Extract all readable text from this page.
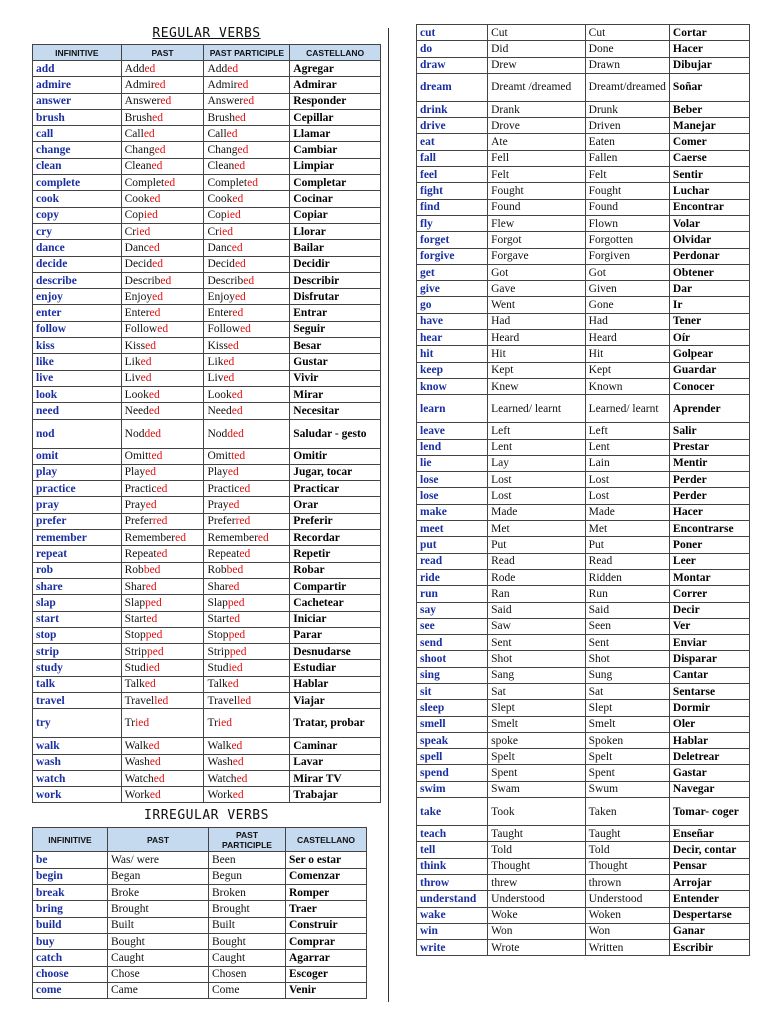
REGULAR VERBS
INFINITIVE	PAST	PAST PARTICIPLE	CASTELLANO
add	Added	Added	Agregar
admire	Admired	Admired	Admirar
answer	Answered	Answered	Responder
brush	Brushed	Brushed	Cepillar
call	Called	Called	Llamar
change	Changed	Changed	Cambiar
clean	Cleaned	Cleaned	Limpiar
complete	Completed	Completed	Completar
cook	Cooked	Cooked	Cocinar
copy	Copied	Copied	Copiar
cry	Cried	Cried	Llorar
dance	Danced	Danced	Bailar
decide	Decided	Decided	Decidir
describe	Described	Described	Describir
enjoy	Enjoyed	Enjoyed	Disfrutar
enter	Entered	Entered	Entrar
follow	Followed	Followed	Seguir
kiss	Kissed	Kissed	Besar
like	Liked	Liked	Gustar
live	Lived	Lived	Vivir
look	Looked	Looked	Mirar
need	Needed	Needed	Necesitar
nod	Nodded	Nodded	Saludar - gesto
omit	Omitted	Omitted	Omitir
play	Played	Played	Jugar, tocar
practice	Practiced	Practiced	Practicar
pray	Prayed	Prayed	Orar
prefer	Preferred	Preferred	Preferir
remember	Remembered	Remembered	Recordar
repeat	Repeated	Repeated	Repetir
rob	Robbed	Robbed	Robar
share	Shared	Shared	Compartir
slap	Slapped	Slapped	Cachetear
start	Started	Started	Iniciar
stop	Stopped	Stopped	Parar
strip	Stripped	Stripped	Desnudarse
study	Studied	Studied	Estudiar
talk	Talked	Talked	Hablar
travel	Travelled	Travelled	Viajar
try	Tried	Tried	Tratar, probar
walk	Walked	Walked	Caminar
wash	Washed	Washed	Lavar
watch	Watched	Watched	Mirar TV
work	Worked	Worked	Trabajar
IRREGULAR VERBS
INFINITIVE	PAST	PAST PARTICIPLE	CASTELLANO
be	Was/ were	Been	Ser o estar
begin	Began	Begun	Comenzar
break	Broke	Broken	Romper
bring	Brought	Brought	Traer
build	Built	Built	Construir
buy	Bought	Bought	Comprar
catch	Caught	Caught	Agarrar
choose	Chose	Chosen	Escoger
come	Came	Come	Venir
cut	Cut	Cut	Cortar
do	Did	Done	Hacer
draw	Drew	Drawn	Dibujar
dream	Dreamt /dreamed	Dreamt/dreamed	Soñar
drink	Drank	Drunk	Beber
drive	Drove	Driven	Manejar
eat	Ate	Eaten	Comer
fall	Fell	Fallen	Caerse
feel	Felt	Felt	Sentir
fight	Fought	Fought	Luchar
find	Found	Found	Encontrar
fly	Flew	Flown	Volar
forget	Forgot	Forgotten	Olvidar
forgive	Forgave	Forgiven	Perdonar
get	Got	Got	Obtener
give	Gave	Given	Dar
go	Went	Gone	Ir
have	Had	Had	Tener
hear	Heard	Heard	Oír
hit	Hit	Hit	Golpear
keep	Kept	Kept	Guardar
know	Knew	Known	Conocer
learn	Learned/ learnt	Learned/ learnt	Aprender
leave	Left	Left	Salir
lend	Lent	Lent	Prestar
lie	Lay	Lain	Mentir
lose	Lost	Lost	Perder
lose	Lost	Lost	Perder
make	Made	Made	Hacer
meet	Met	Met	Encontrarse
put	Put	Put	Poner
read	Read	Read	Leer
ride	Rode	Ridden	Montar
run	Ran	Run	Correr
say	Said	Said	Decir
see	Saw	Seen	Ver
send	Sent	Sent	Enviar
shoot	Shot	Shot	Disparar
sing	Sang	Sung	Cantar
sit	Sat	Sat	Sentarse
sleep	Slept	Slept	Dormir
smell	Smelt	Smelt	Oler
speak	spoke	Spoken	Hablar
spell	Spelt	Spelt	Deletrear
spend	Spent	Spent	Gastar
swim	Swam	Swum	Navegar
take	Took	Taken	Tomar- coger
teach	Taught	Taught	Enseñar
tell	Told	Told	Decir, contar
think	Thought	Thought	Pensar
throw	threw	thrown	Arrojar
understand	Understood	Understood	Entender
wake	Woke	Woken	Despertarse
win	Won	Won	Ganar
write	Wrote	Written	Escribir
